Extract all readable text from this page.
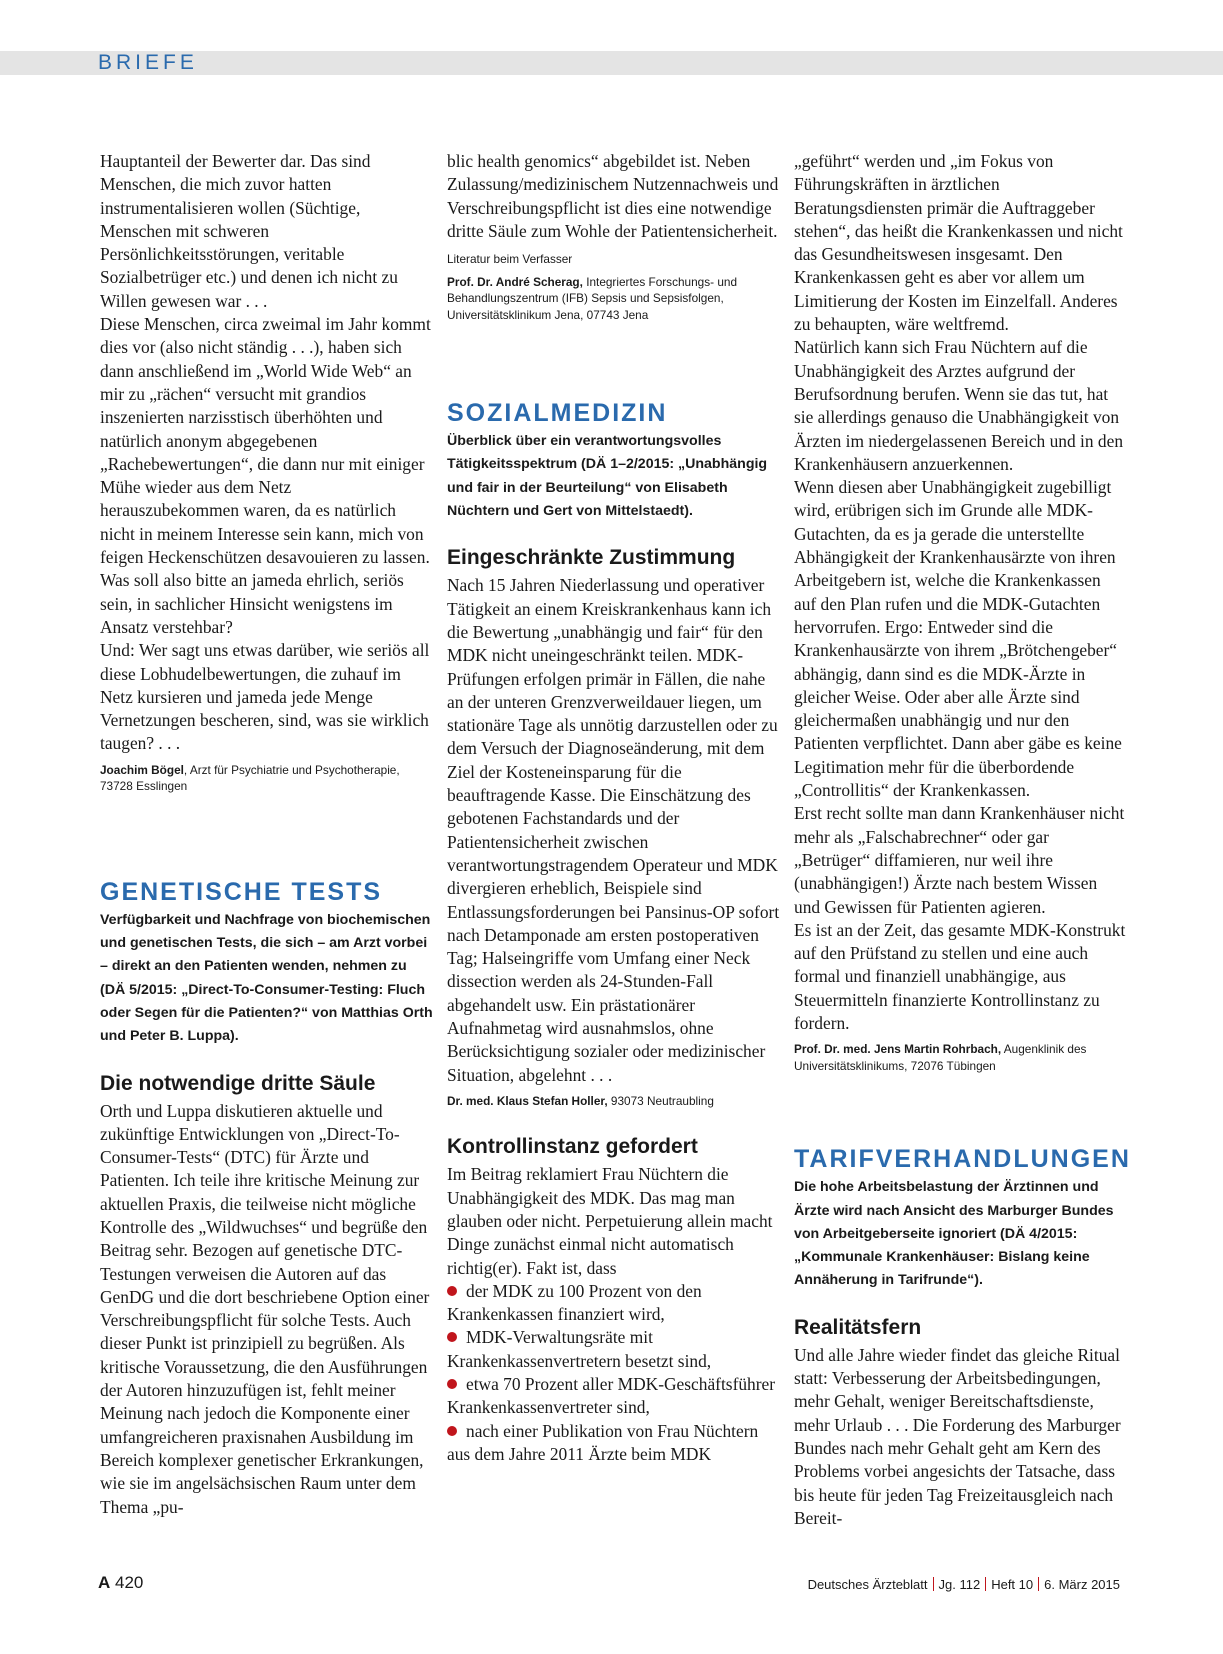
BRIEFE

Hauptanteil der Bewerter dar. Das sind Menschen, die mich zuvor hatten instrumentalisieren wollen (Süchtige, Menschen mit schweren Persönlichkeitsstörungen, veritable Sozialbetrüger etc.) und denen ich nicht zu Willen gewesen war . . .

Diese Menschen, circa zweimal im Jahr kommt dies vor (also nicht ständig . . .), haben sich dann anschließend im „World Wide Web“ an mir zu „rächen“ versucht mit grandios inszenierten narzisstisch überhöhten und natürlich anonym abgegebenen „Rachebewertungen“, die dann nur mit einiger Mühe wieder aus dem Netz herauszubekommen waren, da es natürlich nicht in meinem Interesse sein kann, mich von feigen Heckenschützen desavouieren zu lassen.

Was soll also bitte an jameda ehrlich, seriös sein, in sachlicher Hinsicht wenigstens im Ansatz verstehbar?

Und: Wer sagt uns etwas darüber, wie seriös all diese Lobhudelbewertungen, die zuhauf im Netz kursieren und jameda jede Menge Vernetzungen bescheren, sind, was sie wirklich taugen? . . .

Joachim Bögel, Arzt für Psychiatrie und Psychotherapie, 73728 Esslingen

GENETISCHE TESTS

Verfügbarkeit und Nachfrage von biochemischen und genetischen Tests, die sich – am Arzt vorbei – direkt an den Patienten wenden, nehmen zu (DÄ 5/2015: „Direct-To-Consumer-Testing: Fluch oder Segen für die Patienten?“ von Matthias Orth und Peter B. Luppa).

Die notwendige dritte Säule

Orth und Luppa diskutieren aktuelle und zukünftige Entwicklungen von „Direct-To-Consumer-Tests“ (DTC) für Ärzte und Patienten. Ich teile ihre kritische Meinung zur aktuellen Praxis, die teilweise nicht mögliche Kontrolle des „Wildwuchses“ und begrüße den Beitrag sehr. Bezogen auf genetische DTC-Testungen verweisen die Autoren auf das GenDG und die dort beschriebene Option einer Verschreibungspflicht für solche Tests. Auch dieser Punkt ist prinzipiell zu begrüßen. Als kritische Voraussetzung, die den Ausführungen der Autoren hinzuzufügen ist, fehlt meiner Meinung nach jedoch die Komponente einer umfangreicheren praxisnahen Ausbildung im Bereich komplexer genetischer Erkrankungen, wie sie im angelsächsischen Raum unter dem Thema „pu-

blic health genomics“ abgebildet ist. Neben Zulassung/medizinischem Nutzennachweis und Verschreibungspflicht ist dies eine notwendige dritte Säule zum Wohle der Patientensicherheit.

Literatur beim Verfasser

Prof. Dr. André Scherag, Integriertes Forschungs- und Behandlungszentrum (IFB) Sepsis und Sepsisfolgen, Universitätsklinikum Jena, 07743 Jena

SOZIALMEDIZIN

Überblick über ein verantwortungsvolles Tätigkeitsspektrum (DÄ 1–2/2015: „Unabhängig und fair in der Beurteilung“ von Elisabeth Nüchtern und Gert von Mittelstaedt).

Eingeschränkte Zustimmung

Nach 15 Jahren Niederlassung und operativer Tätigkeit an einem Kreiskrankenhaus kann ich die Bewertung „unabhängig und fair“ für den MDK nicht uneingeschränkt teilen. MDK-Prüfungen erfolgen primär in Fällen, die nahe an der unteren Grenzverweildauer liegen, um stationäre Tage als unnötig darzustellen oder zu dem Versuch der Diagnoseänderung, mit dem Ziel der Kosteneinsparung für die beauftragende Kasse. Die Einschätzung des gebotenen Fachstandards und der Patientensicherheit zwischen verantwortungstragendem Operateur und MDK divergieren erheblich, Beispiele sind Entlassungsforderungen bei Pansinus-OP sofort nach Detamponade am ersten postoperativen Tag; Halseingriffe vom Umfang einer Neck dissection werden als 24-Stunden-Fall abgehandelt usw. Ein prästationärer Aufnahmetag wird ausnahmslos, ohne Berücksichtigung sozialer oder medizinischer Situation, abgelehnt . . .

Dr. med. Klaus Stefan Holler, 93073 Neutraubling

Kontrollinstanz gefordert

Im Beitrag reklamiert Frau Nüchtern die Unabhängigkeit des MDK. Das mag man glauben oder nicht. Perpetuierung allein macht Dinge zunächst einmal nicht automatisch richtig(er). Fakt ist, dass

der MDK zu 100 Prozent von den Krankenkassen finanziert wird,
MDK-Verwaltungsräte mit Krankenkassenvertretern besetzt sind,
etwa 70 Prozent aller MDK-Geschäftsführer Krankenkassenvertreter sind,
nach einer Publikation von Frau Nüchtern aus dem Jahre 2011 Ärzte beim MDK

„geführt“ werden und „im Fokus von Führungskräften in ärztlichen Beratungsdiensten primär die Auftraggeber stehen“, das heißt die Krankenkassen und nicht das Gesundheitswesen insgesamt. Den Krankenkassen geht es aber vor allem um Limitierung der Kosten im Einzelfall. Anderes zu behaupten, wäre weltfremd.

Natürlich kann sich Frau Nüchtern auf die Unabhängigkeit des Arztes aufgrund der Berufsordnung berufen. Wenn sie das tut, hat sie allerdings genauso die Unabhängigkeit von Ärzten im niedergelassenen Bereich und in den Krankenhäusern anzuerkennen.

Wenn diesen aber Unabhängigkeit zugebilligt wird, erübrigen sich im Grunde alle MDK-Gutachten, da es ja gerade die unterstellte Abhängigkeit der Krankenhausärzte von ihren Arbeitgebern ist, welche die Krankenkassen auf den Plan rufen und die MDK-Gutachten hervorrufen. Ergo: Entweder sind die Krankenhausärzte von ihrem „Brötchengeber“ abhängig, dann sind es die MDK-Ärzte in gleicher Weise. Oder aber alle Ärzte sind gleichermaßen unabhängig und nur den Patienten verpflichtet. Dann aber gäbe es keine Legitimation mehr für die überbordende „Controllitis“ der Krankenkassen.

Erst recht sollte man dann Krankenhäuser nicht mehr als „Falschabrechner“ oder gar „Betrüger“ diffamieren, nur weil ihre (unabhängigen!) Ärzte nach bestem Wissen und Gewissen für Patienten agieren.

Es ist an der Zeit, das gesamte MDK-Konstrukt auf den Prüfstand zu stellen und eine auch formal und finanziell unabhängige, aus Steuermitteln finanzierte Kontrollinstanz zu fordern.

Prof. Dr. med. Jens Martin Rohrbach, Augenklinik des Universitätsklinikums, 72076 Tübingen

TARIFVERHANDLUNGEN

Die hohe Arbeitsbelastung der Ärztinnen und Ärzte wird nach Ansicht des Marburger Bundes von Arbeitgeberseite ignoriert (DÄ 4/2015: „Kommunale Krankenhäuser: Bislang keine Annäherung in Tarifrunde“).

Realitätsfern

Und alle Jahre wieder findet das gleiche Ritual statt: Verbesserung der Arbeitsbedingungen, mehr Gehalt, weniger Bereitschaftsdienste, mehr Urlaub . . . Die Forderung des Marburger Bundes nach mehr Gehalt geht am Kern des Problems vorbei angesichts der Tatsache, dass bis heute für jeden Tag Freizeitausgleich nach Bereit-

A 420	Deutsches Ärzteblatt Jg. 112 Heft 10 6. März 2015
